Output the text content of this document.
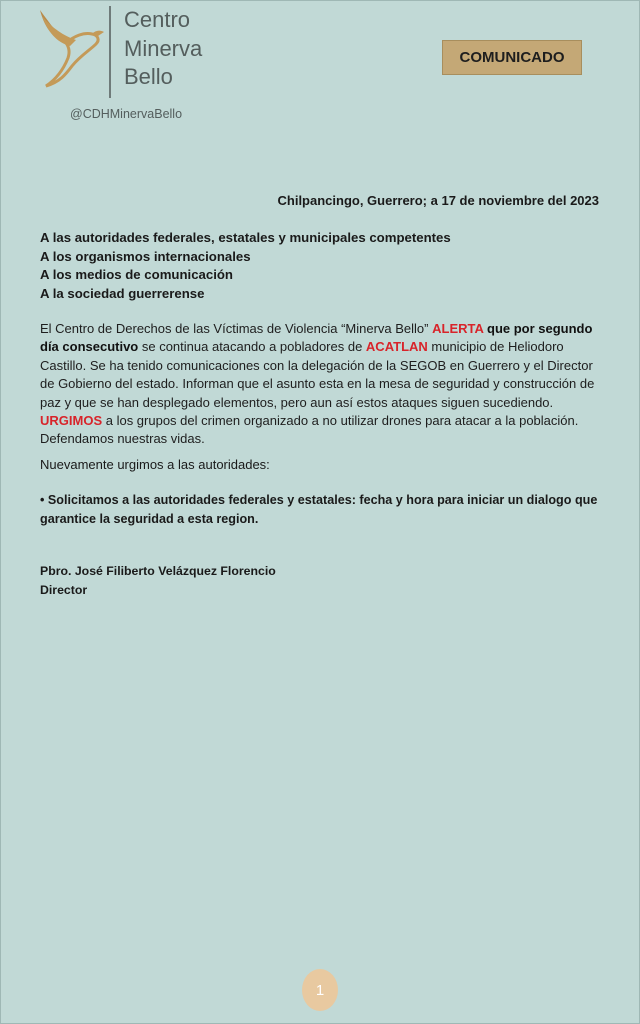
Centro
Minerva
Bello
@CDHMinervaBello
COMUNICADO
Chilpancingo, Guerrero; a 17 de noviembre del 2023
A las autoridades federales, estatales y municipales competentes
A los organismos internacionales
A los medios de comunicación
A la sociedad guerrerense
El Centro de Derechos de las Víctimas de Violencia “Minerva Bello” ALERTA que por segundo día consecutivo se continua atacando a pobladores de ACATLAN municipio de Heliodoro Castillo. Se ha tenido comunicaciones con la delegación de la SEGOB en Guerrero y el Director de Gobierno del estado. Informan que el asunto esta en la mesa de seguridad y construcción de paz y que se han desplegado elementos, pero aun así estos ataques siguen sucediendo. URGIMOS a los grupos del crimen organizado a no utilizar drones para atacar a la población. Defendamos nuestras vidas.
Nuevamente urgimos a las autoridades:
• Solicitamos a las autoridades federales y estatales: fecha y hora para iniciar un dialogo que garantice la seguridad a esta region.
Pbro. José Filiberto Velázquez Florencio
Director
1
